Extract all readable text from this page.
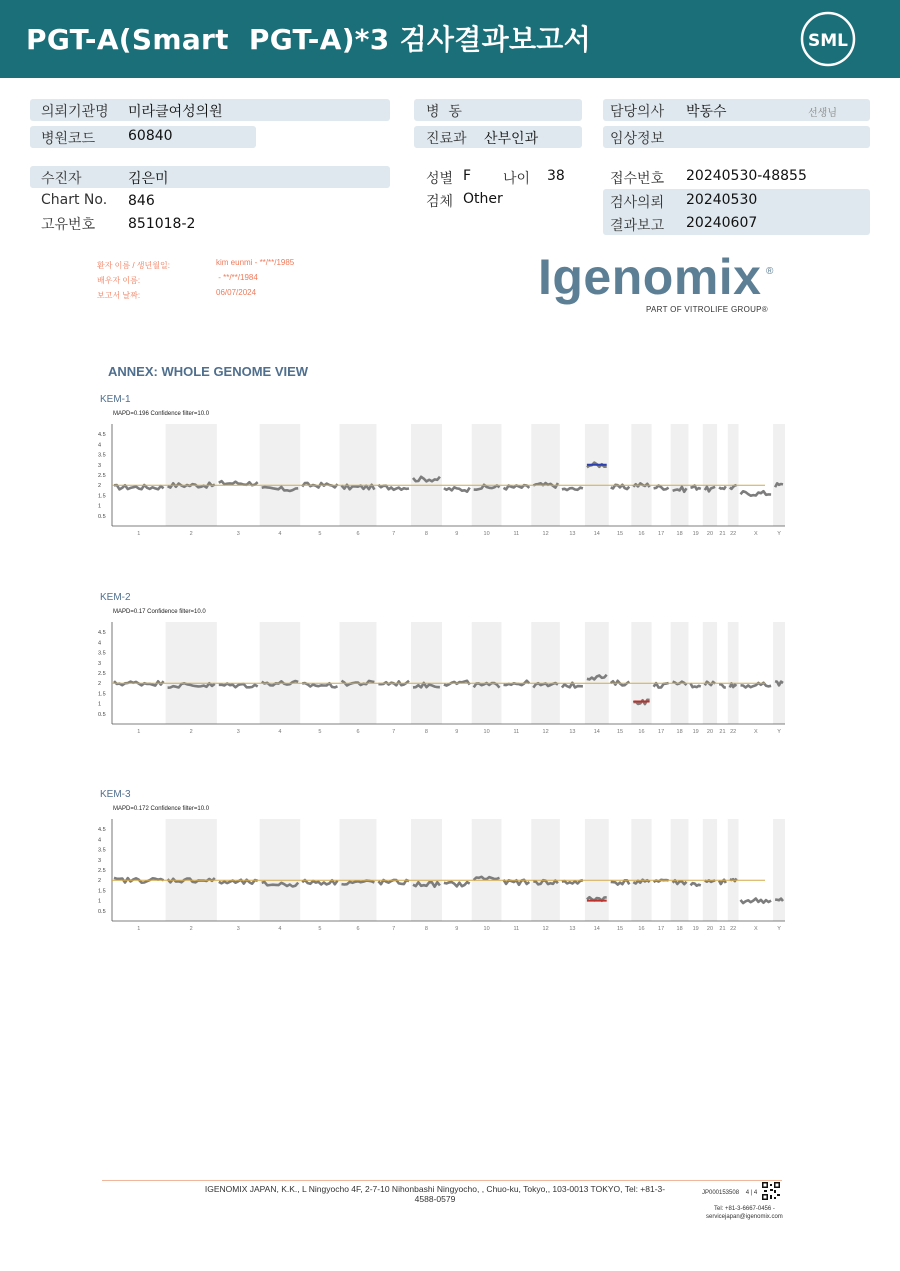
PGT-A(Smart  PGT-A)*3 검사결과보고서	SML
의뢰기관명 미라클여성의원
병원코드 60840
병  동
진료과 산부인과
담당의사 박동수	선생님
임상정보
수진자	김은미
Chart No. 846
고유번호 851018-2
성별 F 나이 38
검체 Other
접수번호 20240530-48855
검사의뢰 20240530
결과보고 20240607
환자 이름 / 생년월일:	kim eunmi - **/**/1985
배우자 이름:	- **/**/1984
보고서 날짜:	06/07/2024	Igenomix ®
PART OF VITROLIFE GROUP®
ANNEX: WHOLE GENOME VIEW
KEM-1
MAPD=0.196 Confidence filter=10.0
4.5
4
3.5
3
2.5
2
1.5
1
0.5
1	2	3	4	5	6	7	8	9	10	11	12	13	14	15	16 17 18 19 20 21 22	X	Y
KEM-2
MAPD=0.17 Confidence filter=10.0
4.5
4
3.5
3
2.5
2
1.5
1
0.5
1	2	3	4	5	6	7	8	9	10	11	12	13	14	15	16 17 18 19 20 21 22	X	Y
KEM-3
MAPD=0.172 Confidence filter=10.0
4.5
4
3.5
3
2.5
2
1.5
1
0.5
1	2	3	4	5	6	7	8	9	10	11	12	13	14	15	16 17 18 19 20 21 22	X	Y
IGENOMIX JAPAN, K.K., L Ningyocho 4F, 2-7-10 Nihonbashi Ningyocho, , Chuo-ku, Tokyo,, 103-0013 TOKYO, Tel: +81-3-4588-0579
JP000153508    4 | 4
Tel: +81-3-6667-0456 -
servicejapan@igenomix.com
